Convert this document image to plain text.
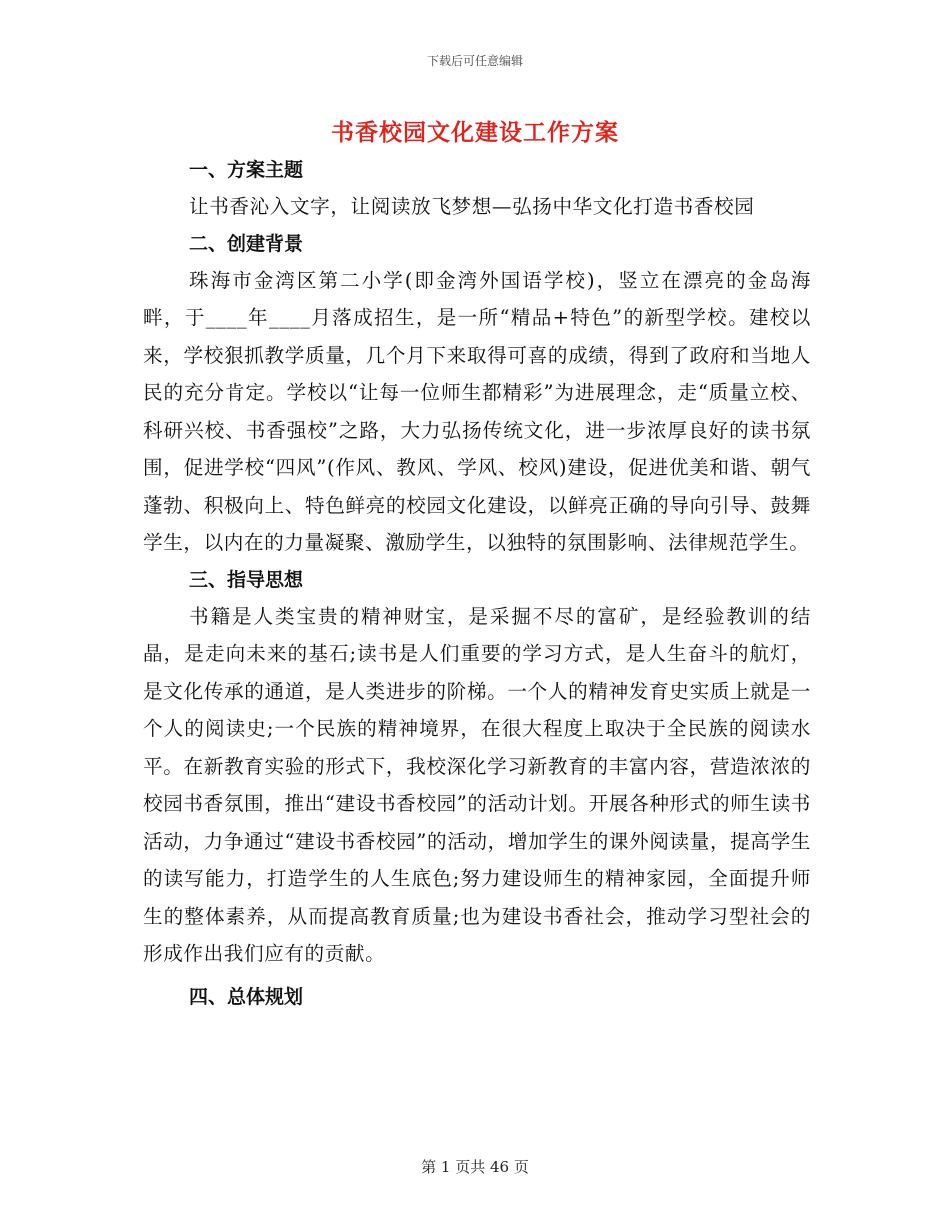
下载后可任意编辑
书香校园文化建设工作方案
一、方案主题

让书香沁入文字，让阅读放飞梦想—弘扬中华文化打造书香校园

二、创建背景

珠海市金湾区第二小学(即金湾外国语学校)，竖立在漂亮的金岛海畔，于____年____月落成招生，是一所“精品+特色”的新型学校。建校以来，学校狠抓教学质量，几个月下来取得可喜的成绩，得到了政府和当地人民的充分肯定。学校以“让每一位师生都精彩”为进展理念，走“质量立校、科研兴校、书香强校”之路，大力弘扬传统文化，进一步浓厚良好的读书氛围，促进学校“四风”(作风、教风、学风、校风)建设，促进优美和谐、朝气蓬勃、积极向上、特色鲜亮的校园文化建设，以鲜亮正确的导向引导、鼓舞学生，以内在的力量凝聚、激励学生，以独特的氛围影响、法律规范学生。

三、指导思想

书籍是人类宝贵的精神财宝，是采掘不尽的富矿，是经验教训的结晶，是走向未来的基石;读书是人们重要的学习方式，是人生奋斗的航灯，是文化传承的通道，是人类进步的阶梯。一个人的精神发育史实质上就是一个人的阅读史;一个民族的精神境界，在很大程度上取决于全民族的阅读水平。在新教育实验的形式下，我校深化学习新教育的丰富内容，营造浓浓的校园书香氛围，推出“建设书香校园”的活动计划。开展各种形式的师生读书活动，力争通过“建设书香校园”的活动，增加学生的课外阅读量，提高学生的读写能力，打造学生的人生底色;努力建设师生的精神家园，全面提升师生的整体素养，从而提高教育质量;也为建设书香社会，推动学习型社会的形成作出我们应有的贡献。

四、总体规划
第 1 页共 46 页
